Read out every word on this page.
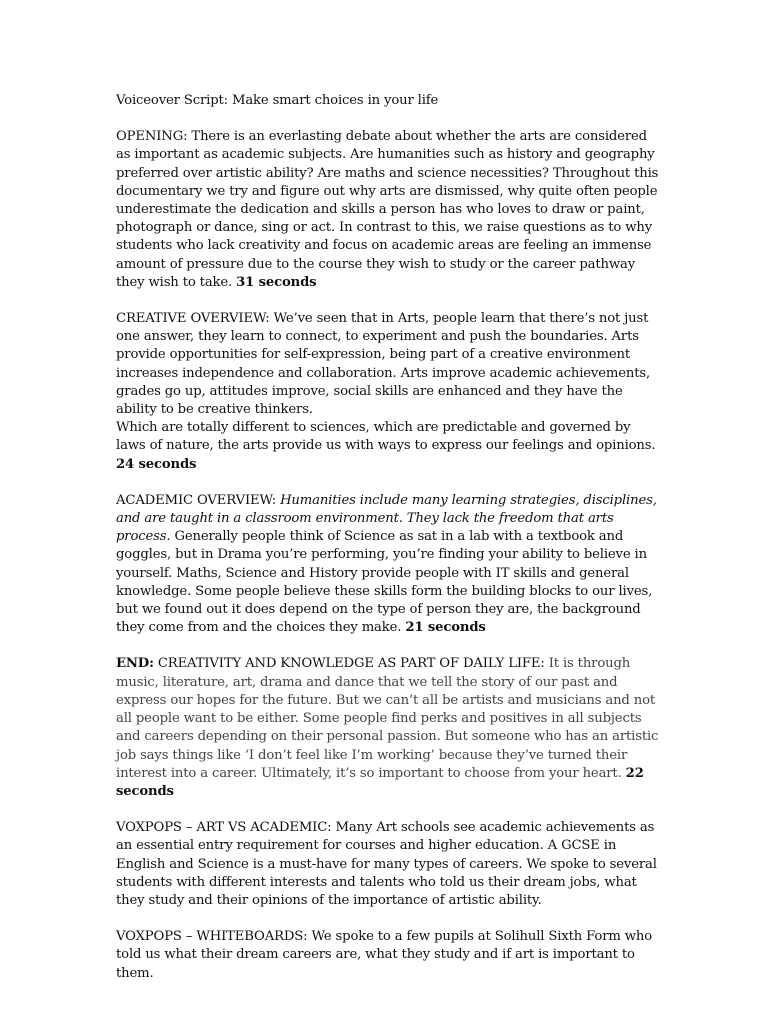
Voiceover Script: Make smart choices in your life

OPENING: There is an everlasting debate about whether the arts are considered as important as academic subjects. Are humanities such as history and geography preferred over artistic ability? Are maths and science necessities? Throughout this documentary we try and figure out why arts are dismissed, why quite often people underestimate the dedication and skills a person has who loves to draw or paint, photograph or dance, sing or act. In contrast to this, we raise questions as to why students who lack creativity and focus on academic areas are feeling an immense amount of pressure due to the course they wish to study or the career pathway they wish to take. 31 seconds

CREATIVE OVERVIEW: We’ve seen that in Arts, people learn that there’s not just one answer, they learn to connect, to experiment and push the boundaries. Arts provide opportunities for self-expression, being part of a creative environment increases independence and collaboration. Arts improve academic achievements, grades go up, attitudes improve, social skills are enhanced and they have the ability to be creative thinkers.
Which are totally different to sciences, which are predictable and governed by laws of nature, the arts provide us with ways to express our feelings and opinions. 24 seconds

ACADEMIC OVERVIEW: Humanities include many learning strategies, disciplines, and are taught in a classroom environment. They lack the freedom that arts process. Generally people think of Science as sat in a lab with a textbook and goggles, but in Drama you’re performing, you’re finding your ability to believe in yourself. Maths, Science and History provide people with IT skills and general knowledge. Some people believe these skills form the building blocks to our lives, but we found out it does depend on the type of person they are, the background they come from and the choices they make. 21 seconds

END: CREATIVITY AND KNOWLEDGE AS PART OF DAILY LIFE: It is through music, literature, art, drama and dance that we tell the story of our past and express our hopes for the future. But we can’t all be artists and musicians and not all people want to be either. Some people find perks and positives in all subjects and careers depending on their personal passion. But someone who has an artistic job says things like ‘I don’t feel like I’m working’ because they’ve turned their interest into a career. Ultimately, it’s so important to choose from your heart. 22 seconds

VOXPOPS – ART VS ACADEMIC: Many Art schools see academic achievements as an essential entry requirement for courses and higher education. A GCSE in English and Science is a must-have for many types of careers. We spoke to several students with different interests and talents who told us their dream jobs, what they study and their opinions of the importance of artistic ability.

VOXPOPS – WHITEBOARDS: We spoke to a few pupils at Solihull Sixth Form who told us what their dream careers are, what they study and if art is important to them.
